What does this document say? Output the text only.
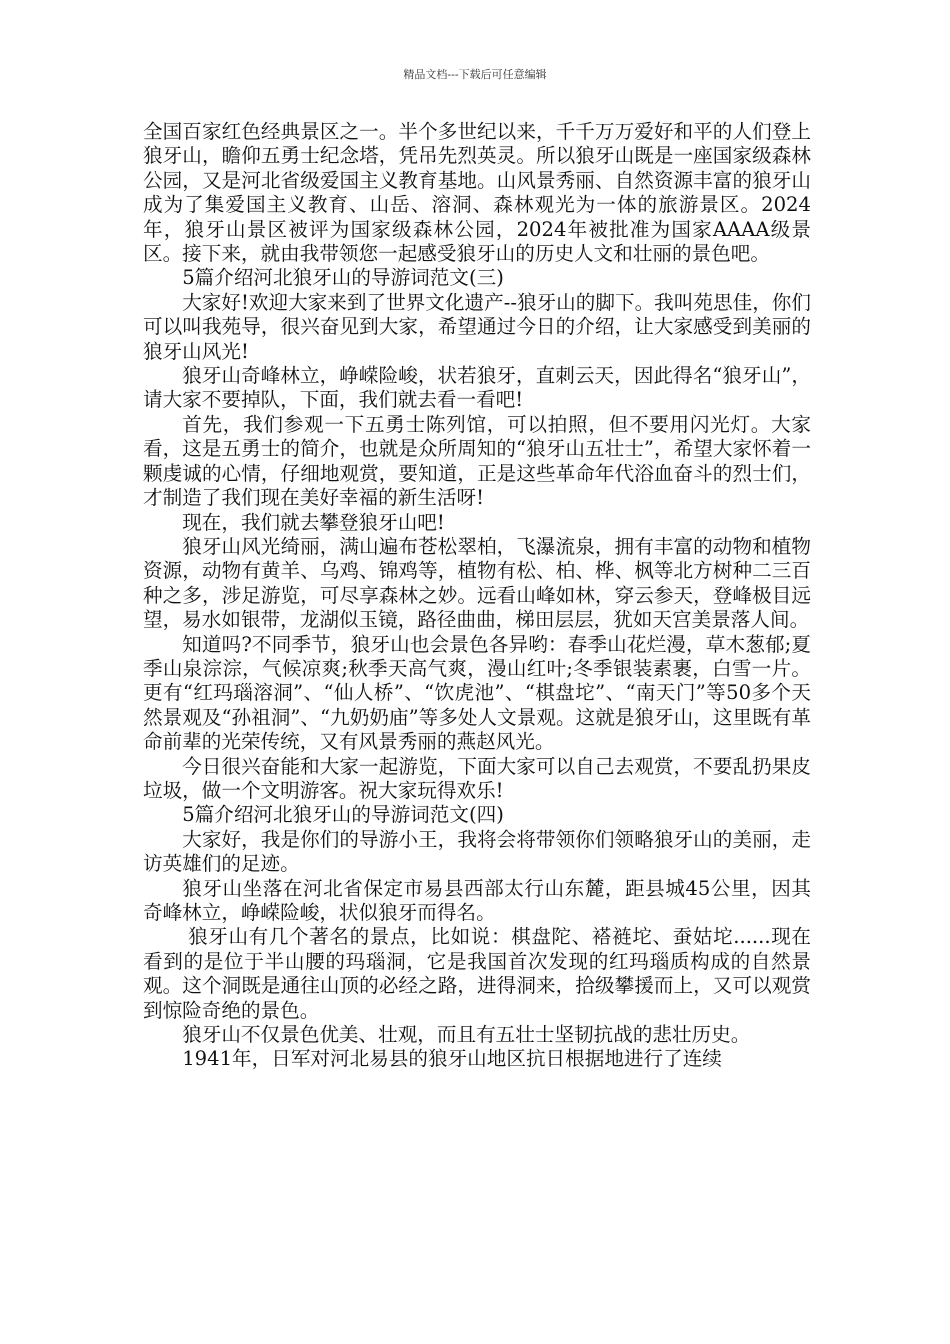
精品文档---下载后可任意编辑

全国百家红色经典景区之一。半个多世纪以来，千千万万爱好和平的人们登上狼牙山，瞻仰五勇士纪念塔，凭吊先烈英灵。所以狼牙山既是一座国家级森林公园，又是河北省级爱国主义教育基地。山风景秀丽、自然资源丰富的狼牙山成为了集爱国主义教育、山岳、溶洞、森林观光为一体的旅游景区。2024年，狼牙山景区被评为国家级森林公园，2024年被批准为国家AAAA级景区。接下来，就由我带领您一起感受狼牙山的历史人文和壮丽的景色吧。

5篇介绍河北狼牙山的导游词范文(三)

大家好!欢迎大家来到了世界文化遗产--狼牙山的脚下。我叫苑思佳，你们可以叫我苑导，很兴奋见到大家，希望通过今日的介绍，让大家感受到美丽的狼牙山风光!

狼牙山奇峰林立，峥嵘险峻，状若狼牙，直刺云天，因此得名“狼牙山”，请大家不要掉队，下面，我们就去看一看吧!

首先，我们参观一下五勇士陈列馆，可以拍照，但不要用闪光灯。大家看，这是五勇士的简介，也就是众所周知的“狼牙山五壮士”，希望大家怀着一颗虔诚的心情，仔细地观赏，要知道，正是这些革命年代浴血奋斗的烈士们，才制造了我们现在美好幸福的新生活呀!

现在，我们就去攀登狼牙山吧!

狼牙山风光绮丽，满山遍布苍松翠柏，飞瀑流泉，拥有丰富的动物和植物资源，动物有黄羊、乌鸡、锦鸡等，植物有松、柏、桦、枫等北方树种二三百种之多，涉足游览，可尽享森林之妙。远看山峰如林，穿云参天，登峰极目远望，易水如银带，龙湖似玉镜，路径曲曲，梯田层层，犹如天宫美景落人间。

知道吗?不同季节，狼牙山也会景色各异哟：春季山花烂漫，草木葱郁;夏季山泉淙淙，气候凉爽;秋季天高气爽，漫山红叶;冬季银装素裹，白雪一片。更有“红玛瑙溶洞”、“仙人桥”、“饮虎池”、“棋盘坨”、“南天门”等50多个天然景观及“孙祖洞”、“九奶奶庙”等多处人文景观。这就是狼牙山，这里既有革命前辈的光荣传统，又有风景秀丽的燕赵风光。

今日很兴奋能和大家一起游览，下面大家可以自己去观赏，不要乱扔果皮垃圾，做一个文明游客。祝大家玩得欢乐!

5篇介绍河北狼牙山的导游词范文(四)

大家好，我是你们的导游小王，我将会将带领你们领略狼牙山的美丽，走访英雄们的足迹。

狼牙山坐落在河北省保定市易县西部太行山东麓，距县城45公里，因其奇峰林立，峥嵘险峻，状似狼牙而得名。

狼牙山有几个著名的景点，比如说：棋盘陀、褡裢坨、蚕姑坨......现在看到的是位于半山腰的玛瑙洞，它是我国首次发现的红玛瑙质构成的自然景观。这个洞既是通往山顶的必经之路，进得洞来，拾级攀援而上，又可以观赏到惊险奇绝的景色。

狼牙山不仅景色优美、壮观，而且有五壮士坚韧抗战的悲壮历史。

1941年，日军对河北易县的狼牙山地区抗日根据地进行了连续
